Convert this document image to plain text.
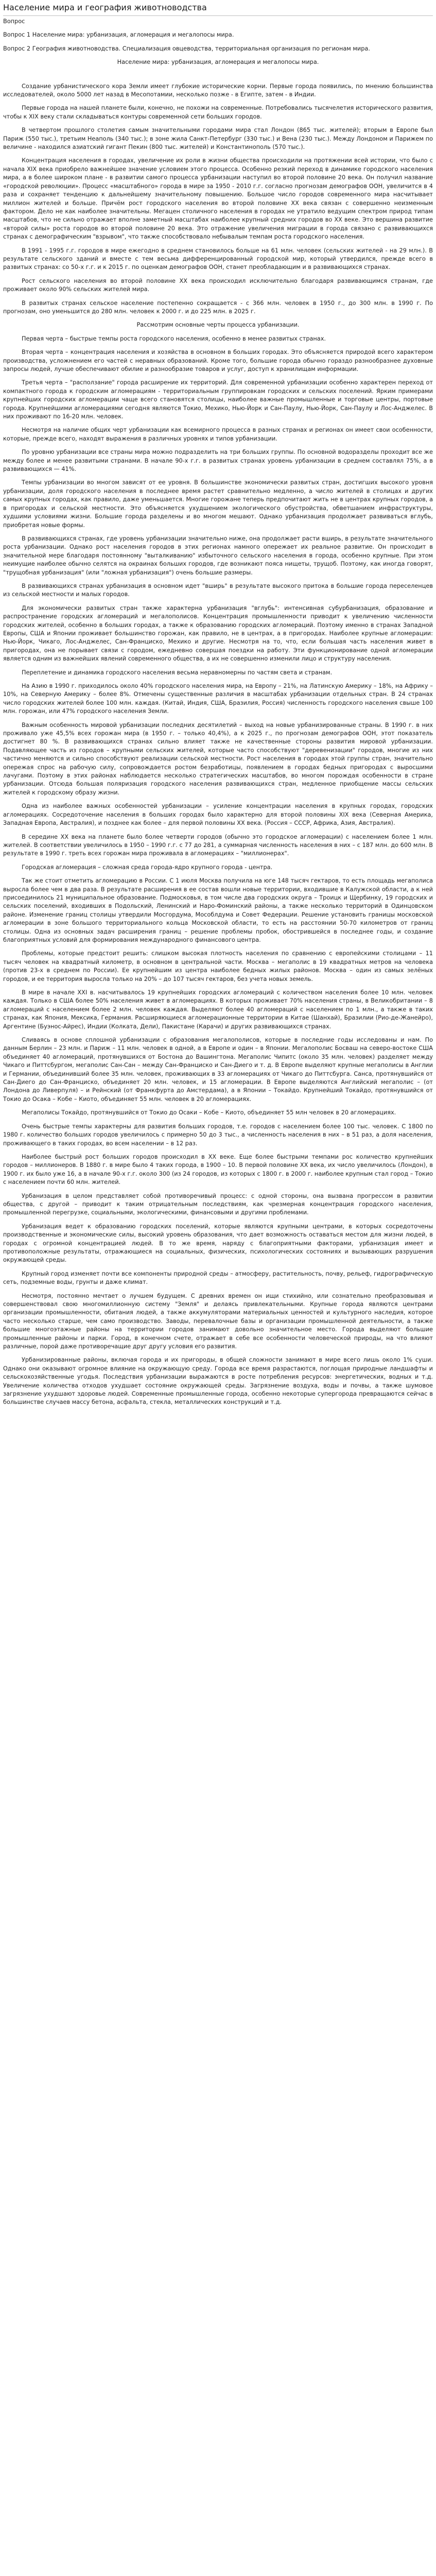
Население мира и география животноводства

Вопрос

Вопрос 1 Население мира: урбанизация, агломерация и мегалопосы мира.

Вопрос 2 География животноводства. Специализация овцеводства, территориальная организация по регионам мира.

Население мира: урбанизация, агломерация и мегалопосы мира.

Создание урбанистического кора Земли имеет глубокие исторические корни. Первые города появились, по мнению большинства исследователей, около 5000 лет назад в Месопотамии, несколько позже - в Египте, затем - в Индии.

Первые города на нашей планете были, конечно, не похожи на современные. Потребовались тысячелетия исторического развития, чтобы к XIX веку стали складываться контуры современной сети больших городов.

В четвертом прошлого столетия самым значительными городами мира стал Лондон (865 тыс. жителей); вторым в Европе был Париж (550 тыс.), третьим Неаполь (340 тыс.); в зоне жила Санкт-Петербург (330 тыс.) и Вена (230 тыс.). Между Лондоном и Парижем по величине - находился азиатский гигант Пекин (800 тыс. жителей) и Константинополь (570 тыс.).

Концентрация населения в городах, увеличение их роли в жизни общества происходили на протяжении всей истории, что было с начала XIX века приобрело важнейшее значение условием этого процесса. Особенно резкий переход в динамике городского населения мира, а в более широком плане - в развитии самого процесса урбанизации наступил во второй половине 20 века. Он получил название «городской революции». Процесс «масштабного» города в мире за 1950 - 2010 г.г. согласно прогнозам демографов ООН, увеличится в 4 раза и сохраняет тенденцию к дальнейшему значительному повышению. Большое число городов современного мира насчитывает миллион жителей и больше. Причём рост городского населения во второй половине XX века связан с совершенно неизменным фактором. Дело не как наиболее значительны. Мегацен столичного населения в городах не утратило ведущим спектром природ типам масштабов, что не сильно отражает вполне заметный масштабах наиболее крупный средних городов во XX веке. Это вершина развитие «второй силы» роста городов во второй половине 20 века. Это отражение увеличения миграции в города связано с развивающихся странах с демографическим "взрывом", что также способствовало небывалым темпам роста городского населения.

В 1991 - 1995 г.г. городов в мире ежегодно в среднем становилось больше на 61 млн. человек (сельских жителей - на 29 млн.). В результате сельского зданий и вместе с тем весьма дифференцированный городской мир, который утвердился, прежде всего в развитых странах: со 50-х г.г. и к 2015 г. по оценкам демографов ООН, станет преобладающим и в развивающихся странах.

Рост сельского населения во второй половине XX века происходил исключительно благодаря развивающимся странам, где проживает около 90% сельских жителей мира.

В развитых странах сельское население постепенно сокращается - с 366 млн. человек в 1950 г., до 300 млн. в 1990 г. По прогнозам, оно уменьшится до 280 млн. человек к 2000 г. и до 225 млн. в 2025 г.

Рассмотрим основные черты процесса урбанизации.

Первая черта – быстрые темпы роста городского населения, особенно в менее развитых странах.

Вторая черта – концентрация населения и хозяйства в основном в больших городах. Это объясняется природой всего характером производства, усложнением его частей с неравных образований. Кроме того, большие города обычно гораздо разнообразнее духовные запросы людей, лучше обеспечивают обилие и разнообразие товаров и услуг, доступ к хранилищам информации.

Третья черта – "расползание" города расширение их территорий. Для современной урбанизации особенно характерен переход от компактного города к городским агломерациям - территориальным группировкам городских и сельских поселений. Ярким примерами крупнейших городских агломерации чаще всего становятся столицы, наиболее важные промышленные и торговые центры, портовые города. Крупнейшими агломерациями сегодня являются Токио, Мехико, Нью-Йорк и Сан-Паулу, Нью-Йорк, Сан-Паулу и Лос-Анджелес. В них проживают по 16-20 млн. человек.

Несмотря на наличие общих черт урбанизации как всемирного процесса в разных странах и регионах он имеет свои особенности, которые, прежде всего, находят выражения в различных уровнях и типов урбанизации.

По уровню урбанизации все страны мира можно подразделить на три больших группы. По основной водоразделы проходит все же между более и менее развитыми странами. В начале 90-х г.г. в развитых странах уровень урбанизации в среднем составлял 75%, а в развивающихся — 41%.

Темпы урбанизации во многом зависят от ее уровня. В большинстве экономически развитых стран, достигших высокого уровня урбанизации, доля городского населения в последнее время растет сравнительно медленно, а число жителей в столицах и других самых крупных городах, как правило, даже уменьшается. Многие горожане теперь предпочитают жить не в центрах крупных городов, а в пригородах и сельской местности. Это объясняется ухудшением экологического обустройства, обветшанием инфраструктуры, худшими условиями жизни. Большие города разделены и во многом мешают. Однако урбанизация продолжает развиваться вглубь, приобретая новые формы.

В развивающихся странах, где уровень урбанизации значительно ниже, она продолжает расти вширь, в результате значительного роста урбанизации. Однако рост населения городов в этих регионах намного опережает их реальное развитие. Он происходит в значительной мере благодаря постоянному "выталкиванию" избыточного сельского населения в города, особенно крупные. При этом неимущие наиболее обычно селятся на окраинах больших городов, где возникают пояса нищеты, трущоб. Поэтому, как иногда говорят, "трущобная урбанизация" (или "ложная урбанизация") очень большие размеры.

В развивающихся странах урбанизация в основном идет "вширь" в результате высокого притока в большие города переселенцев из сельской местности и малых городов.

Для экономически развитых стран также характерна урбанизация "вглубь": интенсивная субурбанизация, образование и распространение городских агломераций и мегалополисов. Концентрация промышленности приводит к увеличению численности городских жителей, особенно в больших городах, а также к образованию городских агломераций. Поэтому именно в странах Западной Европы, США и Японии проживает большинство горожан, как правило, не в центрах, а в пригородах. Наиболее крупные агломерации: Нью-Йорк, Чикаго, Лос-Анджелес, Сан-Франциско, Мехико и другие. Несмотря на то, что, если большая часть населения живет в пригородах, она не порывает связи с городом, ежедневно совершая поездки на работу. Эти функционирование одной агломерации является одним из важнейших явлений современного общества, а их не совершенно изменили лицо и структуру населения.

Переплетение и динамика городского населения весьма неравномерны по частям света и странам.

На Азию в 1990 г. приходилось около 40% городского населения мира, на Европу – 21%, на Латинскую Америку – 18%, на Африку – 10%, на Северную Америку – более 8%. Отмечены существенные различия в масштабах урбанизации отдельных стран. В 24 странах число городских жителей более 100 млн. каждая. (Китай, Индия, США, Бразилия, Россия) численность городского населения свыше 100 млн. горожан, или 47% городского населения Земли.

Важным особенность мировой урбанизации последних десятилетий – выход на новые урбанизированные страны. В 1990 г. в них проживало уже 45,5% всех горожан мира (в 1950 г. – только 40,4%), а к 2025 г., по прогнозам демографов ООН, этот показатель достигнет 80 %. В развивающихся странах сильно влияет также не качественные стороны развития мировой урбанизации. Подавляющее часть из городов – крупными сельских жителей, которые часто способствуют "деревенизации" городов, многие из них частично меняются и сильно способствуют реализации сельской местности. Рост населения в городах этой группы стран, значительно опережая спрос на рабочую силу, сопровождается ростом безработицы, появлением в городах бедных пригородах с выросшими лачугами. Поэтому в этих районах наблюдается несколько стратегических масштабов, во многом порождая особенности в стране урбанизации. Отсюда большая поляризация городского населения развивающихся стран, медленное приобщение массы сельских жителей к городскому образу жизни.

Одна из наиболее важных особенностей урбанизации – усиление концентрации населения в крупных городах, городских агломерациях. Сосредоточение населения в больших городах было характерно для второй половины XIX века (Северная Америка, Западная Европа, Австралия), и позднее как более – для первой половины XX века. (Россия – СССР, Африка, Азия, Австралия).

В середине XX века на планете было более четверти городов (обычно это городское агломерации) с населением более 1 млн. жителей. В соответствии увеличилось в 1950 – 1990 г.г. с 77 до 281, а суммарная численность населения в них – с 187 млн. до 600 млн. В результате в 1990 г. треть всех горожан мира проживала в агломерациях – "миллионерах".

Городская агломерация – сложная среда города-ядро крупного города - центра.

Так же стоит отметить агломерацию в России. С 1 июля Москва получила на юге 148 тысяч гектаров, то есть площадь мегаполиса выросла более чем в два раза. В результате расширения в ее состав вошли новые территории, входившие в Калужской области, а к ней присоединилось 21 муниципальное образование. Подмосковья, в том числе два городских округа – Троицк и Щербинку, 19 городских и сельских поселений, входивших в Подольский, Ленинский и Наро-Фоминский районы, а также несколько территорий в Одинцовском районе. Изменение границ столицы утвердили Мосгордума, Мособлдума и Совет Федерации. Решение установить границы московской агломерации в зоне большого территориального кольца Московской области, то есть на расстоянии 50-70 километров от границ столицы. Одна из основных задач расширения границ – решение проблемы пробок, обострившейся в последнее годы, и создание благоприятных условий для формирования международного финансового центра.

Проблемы, которые предстоит решить: слишком высокая плотность населения по сравнению с европейскими столицами – 11 тысяч человек на квадратный километр, в основном в центральной части. Москва – мегаполис в 19 квадратных метров на человека (против 23-х в среднем по России). Ее крупнейшим из центра наиболее бедных жилых районов. Москва – один из самых зелёных городов, и ее территория выросла только на 20% – до 107 тысяч гектаров, без учета новых земель.

В мире в начале XXI в. насчитывалось 19 крупнейших городских агломераций с количеством населения более 10 млн. человек каждая. Только в США более 50% населения живет в агломерациях. В которых проживает 70% населения страны, в Великобритании – 8 агломераций с населением более 2 млн. человек каждая. Выделяют более 40 агломераций с населением по 1 млн., а также в таких странах, как Япония, Мексика, Германия. Расширяющиеся агломерационные территории в Китае (Шанхай), Бразилии (Рио-де-Жанейро), Аргентине (Буэнос-Айрес), Индии (Колката, Дели), Пакистане (Карачи) и других развивающихся странах.

Сливаясь в основе сплошной урбанизации с образования мегалополисов, которые в последние годы исследованы и нам. По данным Берлин – 23 млн. и Париж – 11 млн. человек в одной, а в Европе и один – в Японии. Мегалополис Босваш на северо-востоке США объединяет 40 агломераций, протянувшихся от Бостона до Вашингтона. Мегаполис Чипитс (около 35 млн. человек) разделяет между Чикаго и Питтсбургом, мегаполис Сан-Сан – между Сан-Франциско и Сан-Диего и т. д. В Европе выделяют крупные мегаполисы в Англии и Германии, объединивший более 35 млн. человек, проживающих в 33 агломерациях от Чикаго до Питтсбурга. Санса, протянувшийся от Сан-Диего до Сан-Франциско, объединяет 20 млн. человек, и 15 агломерации. В Европе выделяются Английский мегаполис – (от Лондона до Ливерпуля) – и Рейнский (от Франкфурта до Амстердама), а в Японии – Токайдо. Крупнейший Токайдо, протянувшийся от Токио до Осака – Кобе – Киото, объединяет 55 млн. человек в 20 агломерациях.

Мегаполисы Токайдо, протянувшийся от Токио до Осаки – Кобе – Киото, объединяет 55 млн человек в 20 агломерациях.

Очень быстрые темпы характерны для развития больших городов, т.е. городов с населением более 100 тыс. человек. С 1800 по 1980 г. количество больших городов увеличилось с примерно 50 до 3 тыс., а численность населения в них – в 51 раз, а доля населения, проживающего в таких городах, во всем населении – в 12 раз.

Наиболее быстрый рост больших городов происходил в XX веке. Еще более быстрыми темпами рос количество крупнейших городов – миллионеров. В 1880 г. в мире было 4 таких города, в 1900 – 10. В первой половине XX века, их число увеличилось (Лондон), в 1900 г. их было уже 16, а в начале 90-х г.г. около 300 (из 24 городов, из которых с 1800 г. в 2000 г. наиболее крупным стал город – Токио с населением почти 60 млн. жителей.

Урбанизация в целом представляет собой противоречивый процесс: с одной стороны, она вызвана прогрессом в развитии общества, с другой – приводит к таким отрицательным последствиям, как чрезмерная концентрация городского населения, промышленной перегрузке, социальными, экологическими, финансовыми и другими проблемами.

Урбанизация ведет к образованию городских поселений, которые являются крупными центрами, в которых сосредоточены производственные и экономические силы, высокий уровень образования, что дает возможность оставаться местом для жизни людей, в городах с огромной концентрацией людей. В то же время, наряду с благоприятными факторами, урбанизация имеет и противоположные результаты, отражающиеся на социальных, физических, психологических состояниях и вызывающих разрушения окружающей среды.

Крупный город изменяет почти все компоненты природной среды – атмосферу, растительность, почву, рельеф, гидрографическую сеть, подземные воды, грунты и даже климат.

Несмотря, постоянно мечтает о лучшем будущем. С древних времен он ищи стихийно, или сознательно преобразовывая и совершенствовал свою многомиллионную систему "Земля" и делаясь привлекательными. Крупные города являются центрами организации промышленности, обитания людей, а также аккумуляторами материальных ценностей и культурного наследия, которое часто несколько старше, чем само производство. Заводы, перевалочные базы и организации промышленной деятельности, а также большие многоэтажные районы на территории городов занимают довольно значительное место. Города выделяют большие промышленные районы и парки. Город, в конечном счете, отражает в себе все особенности человеческой природы, на что влияют различные, порой даже противоречащие друг другу условия его развития.

Урбанизированные районы, включая города и их пригороды, в общей сложности занимают в мире всего лишь около 1% суши. Однако они оказывают огромное влияние на окружающую среду. Города все время разрастаются, поглощая природные ландшафты и сельскохозяйственные угодья. Последствия урбанизации выражаются в росте потребления ресурсов: энергетических, водных и т.д. Увеличение количества отходов ухудшает состояние окружающей среды. Загрязнение воздуха, воды и почвы, а также шумовое загрязнение ухудшают здоровье людей. Современные промышленные города, особенно некоторые супергорода превращаются сейчас в большинстве случаев массу бетона, асфальта, стекла, металлических конструкций и т.д.
